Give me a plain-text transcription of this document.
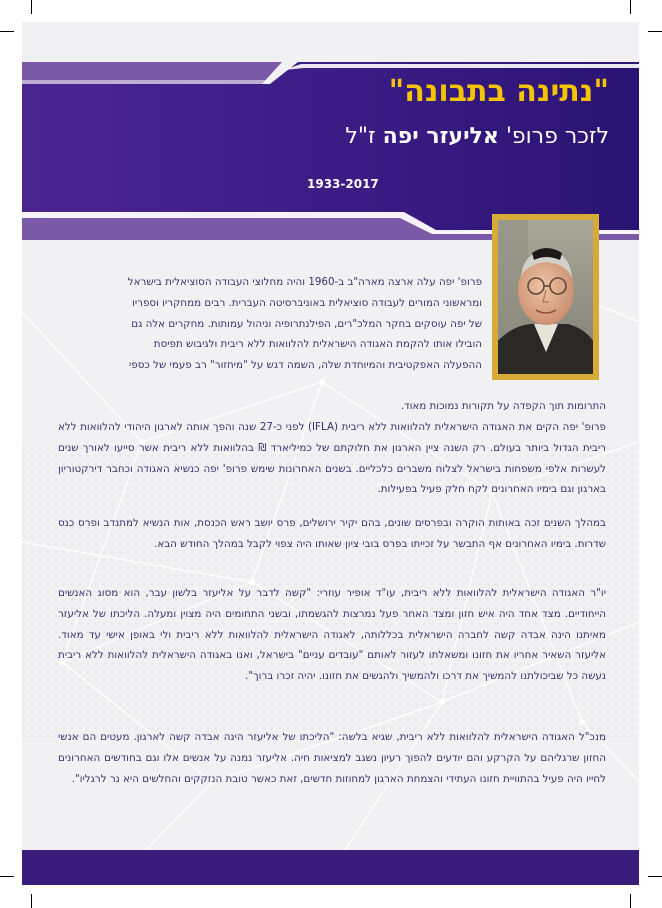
"נתינה בתבונה"
לזכר פרופ' אליעזר יפה ז"ל
1933-2017
פרופ' יפה עלה ארצה מארה"ב ב-1960 והיה מחלוצי העבודה הסוציאלית בישראל
ומראשוני המורים לעבודה סוציאלית באוניברסיטה העברית. רבים ממחקריו וספריו
של יפה עוסקים בחקר המלכ"רים, הפילנתרופיה וניהול עמותות. מחקרים אלה גם
הובילו אותו להקמת האגודה הישראלית להלוואות ללא ריבית ולגיבוש תפיסת
ההפעלה האפקטיבית והמיוחדת שלה, השמה דגש על "מיחזור" רב פעמי של כספי

התרומות תוך הקפדה על תקורות נמוכות מאוד.

פרופ' יפה הקים את האגודה הישראלית להלוואות ללא ריבית (IFLA) לפני כ-27 שנה והפך אותה לארגון היהודי להלוואות ללא ריבית הגדול ביותר בעולם. רק השנה ציין הארגון את חלוקתם של כמיליארד ₪ בהלוואות ללא ריבית אשר סייעו לאורך שנים לעשרות אלפי משפחות בישראל לצלוח משברים כלכליים. בשנים האחרונות שימש פרופ' יפה כנשיא האגודה וכחבר דירקטוריון בארגון וגם בימיו האחרונים לקח חלק פעיל בפעילות.

במהלך השנים זכה באותות הוקרה ובפרסים שונים, בהם יקיר ירושלים, פרס יושב ראש הכנסת, אות הנשיא למתנדב ופרס כנס שדרות. בימיו האחרונים אף התבשר על זכייתו בפרס בובי ציון שאותו היה צפוי לקבל במהלך החודש הבא.

יו"ר האגודה הישראלית להלוואות ללא ריבית, עו"ד אופיר עוזרי: "קשה לדבר על אליעזר בלשון עבר, הוא מסוג האנשים הייחודיים. מצד אחד היה איש חזון ומצד האחר פעל נמרצות להגשמתו, ובשני התחומים היה מצוין ומעלה. הליכתו של אליעזר מאיתנו הינה אבדה קשה לחברה הישראלית בכללותה, לאגודה הישראלית להלוואות ללא ריבית ולי באופן אישי עד מאוד. אליעזר השאיר אחריו את חזונו ומשאלתו לעזור לאותם "עובדים עניים" בישראל, ואנו באגודה הישראלית להלוואות ללא ריבית נעשה כל שביכולתנו להמשיך את דרכו ולהמשיך ולהגשים את חזונו. יהיה זכרו ברוך".

מנכ"ל האגודה הישראלית להלוואות ללא ריבית, שגיא בלשה: "הליכתו של אליעזר הינה אבדה קשה לארגון. מעטים הם אנשי החזון שרגליהם על הקרקע והם יודעים להפוך רעיון נשגב למציאות חיה. אליעזר נמנה על אנשים אלו וגם בחודשים האחרונים לחייו היה פעיל בהתוויית חזונו העתידי והצמחת הארגון למחוזות חדשים, זאת כאשר טובת הנזקקים והחלשים היא נר לרגליו".
